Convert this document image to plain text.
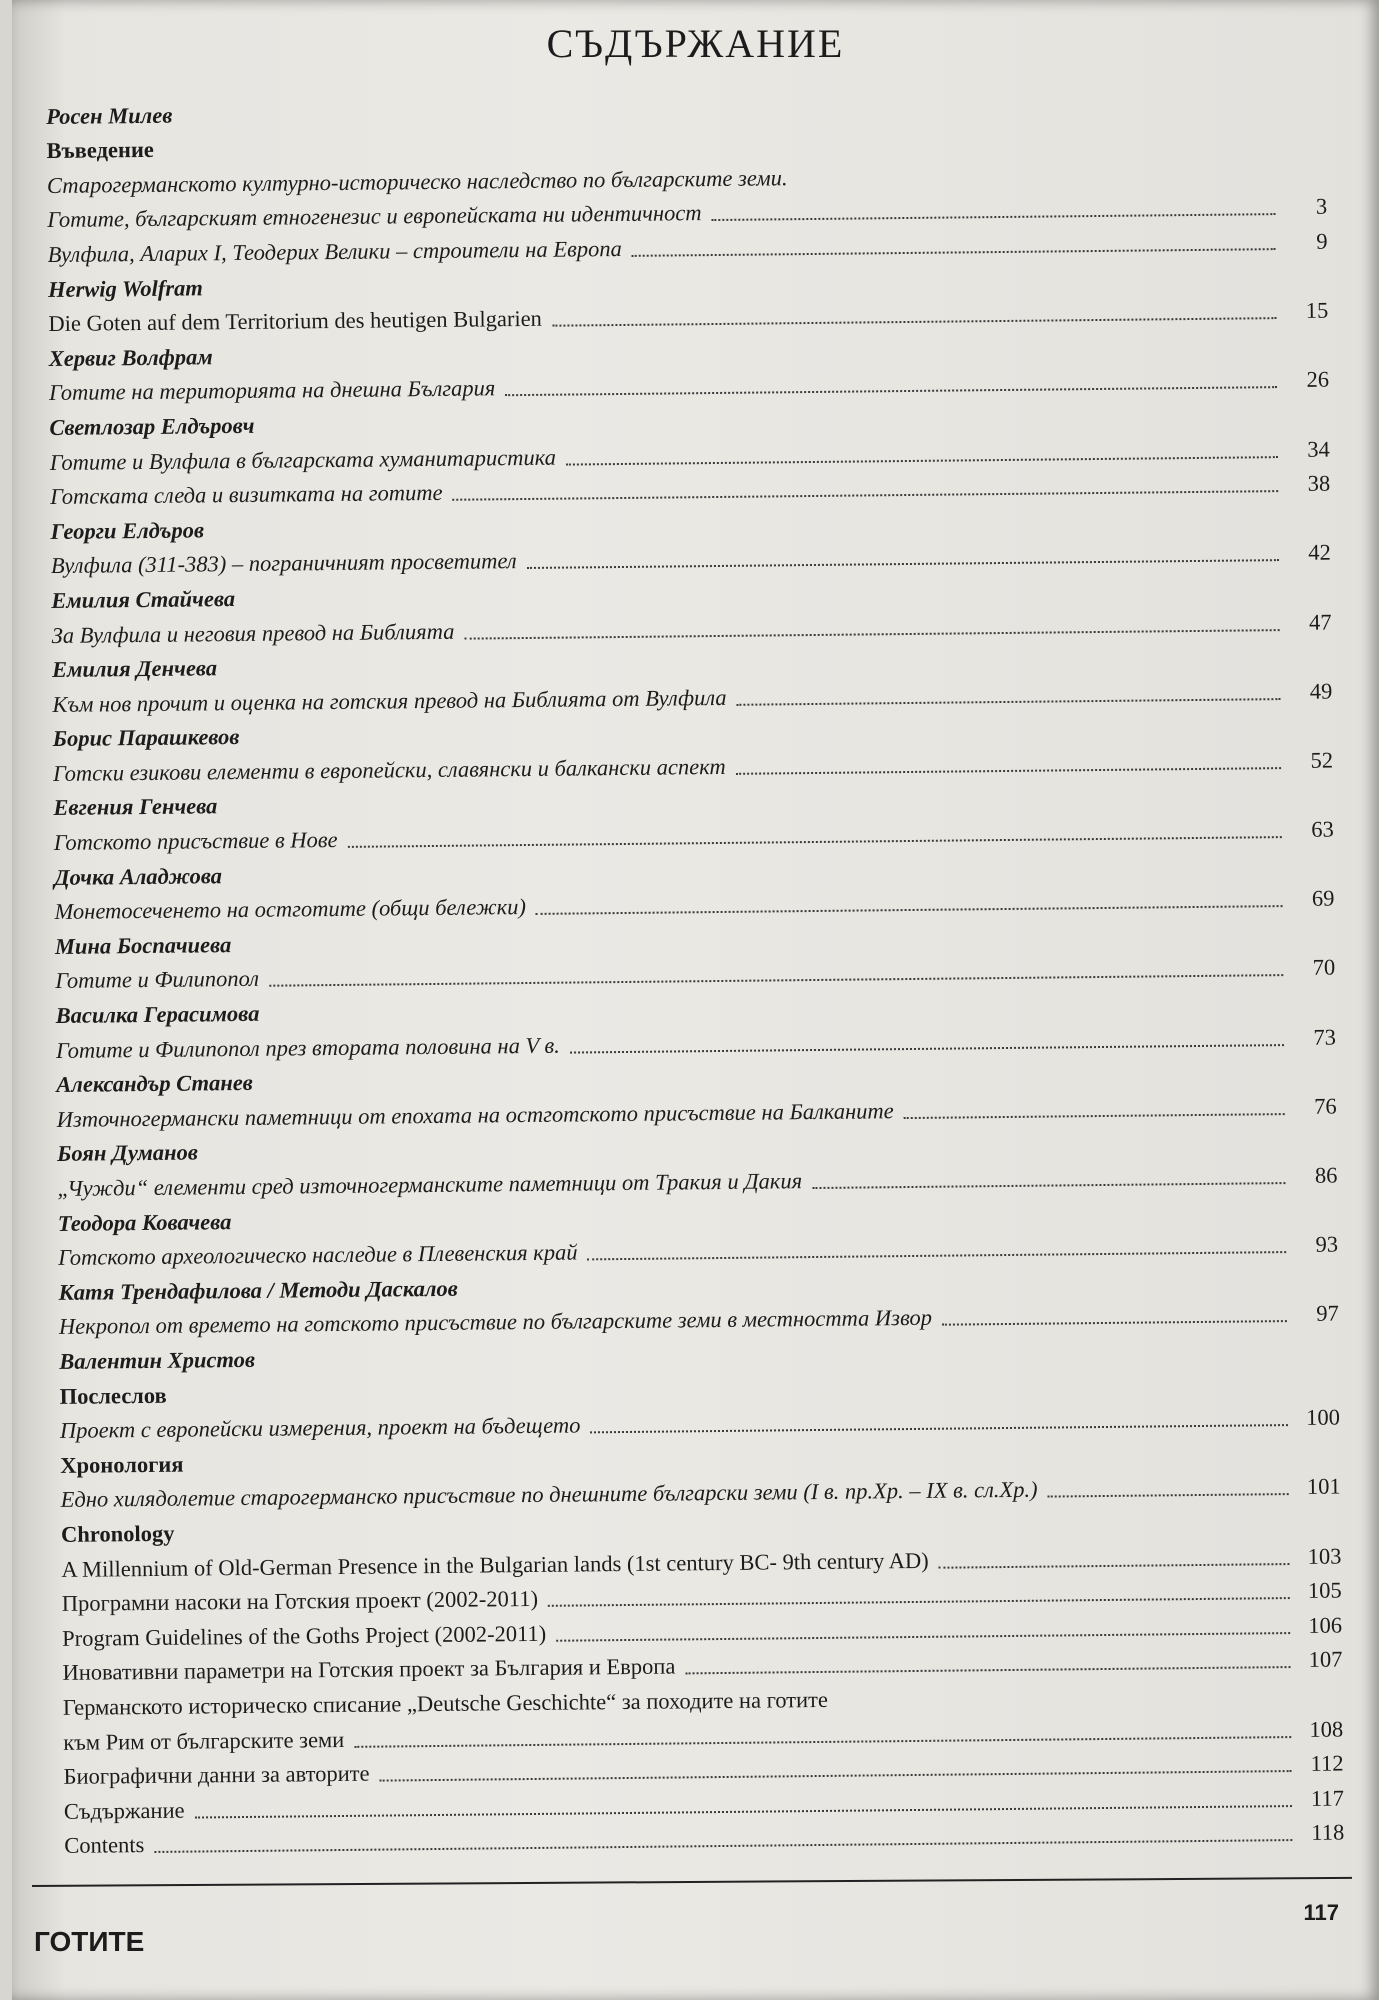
СЪДЪРЖАНИЕ
Росен Милев
Въведение
Старогерманското културно-историческо наследство по българските земи.
Готите, българският етногенезис и европейската ни идентичност	3
Вулфила, Аларих I, Теодерих Велики – строители на Европа	9
Herwig Wolfram
Die Goten auf dem Territorium des heutigen Bulgarien	15
Хервиг Волфрам
Готите на територията на днешна България	26
Светлозар Елдъровч
Готите и Вулфила в българската хуманитаристика	34
Готската следа и визитката на готите	38
Георги Елдъров
Вулфила (311-383) – пограничният просветител	42
Емилия Стайчева
За Вулфила и неговия превод на Библията	47
Емилия Денчева
Към нов прочит и оценка на готския превод на Библията от Вулфила	49
Борис Парашкевов
Готски езикови елементи в европейски, славянски и балкански аспект	52
Евгения Генчева
Готското присъствие в Нове	63
Дочка Аладжова
Монетосеченето на остготите (общи бележки)	69
Мина Боспачиева
Готите и Филипопол	70
Василка Герасимова
Готите и Филипопол през втората половина на V в.	73
Александър Станев
Източногермански паметници от епохата на остготското присъствие на Балканите	76
Боян Думанов
„Чужди“ елементи сред източногерманските паметници от Тракия и Дакия	86
Теодора Ковачева
Готското археологическо наследие в Плевенския край	93
Катя Трендафилова / Методи Даскалов
Некропол от времето на готското присъствие по българските земи в местността Извор	97
Валентин Христов
Послеслов
Проект с европейски измерения, проект на бъдещето	100
Хронология
Едно хилядолетие старогерманско присъствие по днешните български земи (I в. пр.Хр. – IX в. сл.Хр.)	101
Chronology
A Millennium of Old-German Presence in the Bulgarian lands (1st century BC- 9th century AD)	103
Програмни насоки на Готския проект (2002-2011)	105
Program Guidelines of the Goths Project (2002-2011)	106
Иновативни параметри на Готския проект за България и Европа	107
Германското историческо списание „Deutsche Geschichte“ за походите на готите
към Рим от българските земи	108
Биографични данни за авторите	112
Съдържание	117
Contents	118
ГОТИТЕ
117
